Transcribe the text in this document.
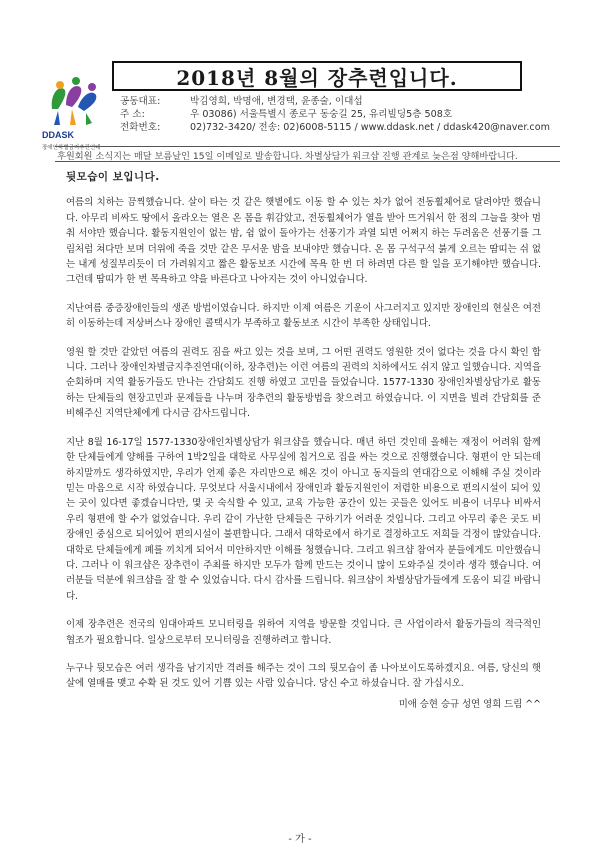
DDASK
장애인차별금지추진연대
2018년 8월의 장추련입니다.
공동대표:	박김영희, 박명애, 변경택, 윤종술, 이대섭
주 소:	우 03086) 서울특별시 종로구 동숭길 25, 유리빌딩5층 508호
전화번호:	02)732-3420/ 전송: 02)6008-5115 / www.ddask.net / ddask420@naver.com
후원회원 소식지는 매달 보름날인 15일 이메일로 발송합니다. 차별상담가 워크샵 진행 관계로 늦은점 양해바랍니다.
뒷모습이 보입니다.

여름의 치하는 끔찍했습니다. 살이 타는 것 같은 햇볕에도 이동 할 수 있는 차가 없어 전동휠체어로 달려야만 했습니다. 아무리 비싸도 땅에서 올라오는 열은 온 몸을 휘감았고, 전동휠체어가 열을 받아 뜨거워서 한 점의 그늘을 찾아 멈춰 서야만 했습니다. 활동지원인이 없는 밤, 쉼 없이 돌아가는 선풍기가 과열 되면 어쩌지 하는 두려움은 선풍기를 그림처럼 쳐다만 보며 더위에 죽을 것만 같은 무서운 밤을 보내야만 했습니다. 온 몸 구석구석 붉게 오르는 땀띠는 쉬 없는 내게 성질부리듯이 더 가려워지고 짧은 활동보조 시간에 목욕 한 번 더 하려면 다른 할 일을 포기해야만 했습니다. 그런데 땀띠가 한 번 목욕하고 약을 바른다고 나아지는 것이 아니었습니다.

지난여름 중증장애인들의 생존 방법이였습니다. 하지만 이제 여름은 기운이 사그러지고 있지만 장애인의 현실은 여전히 이동하는데 저상버스나 장애인 콜택시가 부족하고 활동보조 시간이 부족한 상태입니다.

영원 할 것만 같았던 여름의 권력도 짐을 싸고 있는 것을 보며, 그 어떤 권력도 영원한 것이 없다는 것을 다시 확인 합니다. 그러나 장애인차별금지추진연대(이하, 장추련)는 이런 여름의 권력의 치하에서도 쉬지 않고 일했습니다. 지역을 순회하며 지역 활동가들도 만나는 간담회도 진행 하였고 고민을 들었습니다. 1577-1330 장애인차별상담가로 활동하는 단체들의 현장고민과 문제들을 나누며 장추련의 활동방법을 찾으려고 하였습니다. 이 지면을 빌려 간담회를 준비해주신 지역단체에게 다시금 감사드립니다.

지난 8월 16-17일 1577-1330장애인차별상담가 워크샵을 했습니다. 매년 하던 것인데 올해는 재정이 어려워 함께한 단체들에게 양해를 구하여 1박2일을 대학로 사무실에 칩거으로 집을 싸는 것으로 진행했습니다. 형편이 안 되는데 하지말까도 생각하였지만, 우리가 언제 좋은 자리만으로 해온 것이 아니고 동지들의 연대감으로 이해해 주실 것이라 믿는 마음으로 시작 하였습니다. 무엇보다 서울시내에서 장애인과 활동지원인이 저렴한 비용으로 편의시설이 되어 있는 곳이 있다면 좋겠습니다만, 몇 곳 숙식할 수 있고, 교육 가능한 공간이 있는 곳들은 있어도 비용이 너무나 비싸서 우리 형편에 할 수가 없었습니다. 우리 같이 가난한 단체들은 구하기가 어려운 것입니다. 그리고 아무리 좋은 곳도 비장애인 중심으로 되어있어 편의시설이 불편합니다. 그래서 대학로에서 하기로 결정하고도 저희들 걱정이 많았습니다. 대학로 단체들에게 폐를 끼치게 되어서 미안하지만 이해를 청했습니다. 그리고 워크샵 참여자 분들에게도 미안했습니다. 그러나 이 워크샵은 장추련이 주최를 하지만 모두가 함께 만드는 것이니 많이 도와주실 것이라 생각 했습니다. 여러분들 덕분에 워크샵을 잘 할 수 있었습니다. 다시 감사를 드립니다. 워크샵이 차별상담가들에게 도움이 되길 바랍니다.

이제 장추련은 전국의 임대아파트 모니터링을 위하여 지역을 방문할 것입니다. 큰 사업이라서 활동가들의 적극적인 협조가 필요합니다. 일상으로부터 모니터링을 진행하려고 합니다.

누구나 뒷모습은 여러 생각을 남기지만 격려를 해주는 것이 그의 뒷모습이 좀 나아보이도록하겠지요. 여름, 당신의 햇살에 열매를 맺고 수확 된 것도 있어 기쁨 있는 사람 있습니다. 당신 수고 하셨습니다. 잘 가십시오.

미애 승현 승규 성연 영희 드림 ^^
- 가 -
